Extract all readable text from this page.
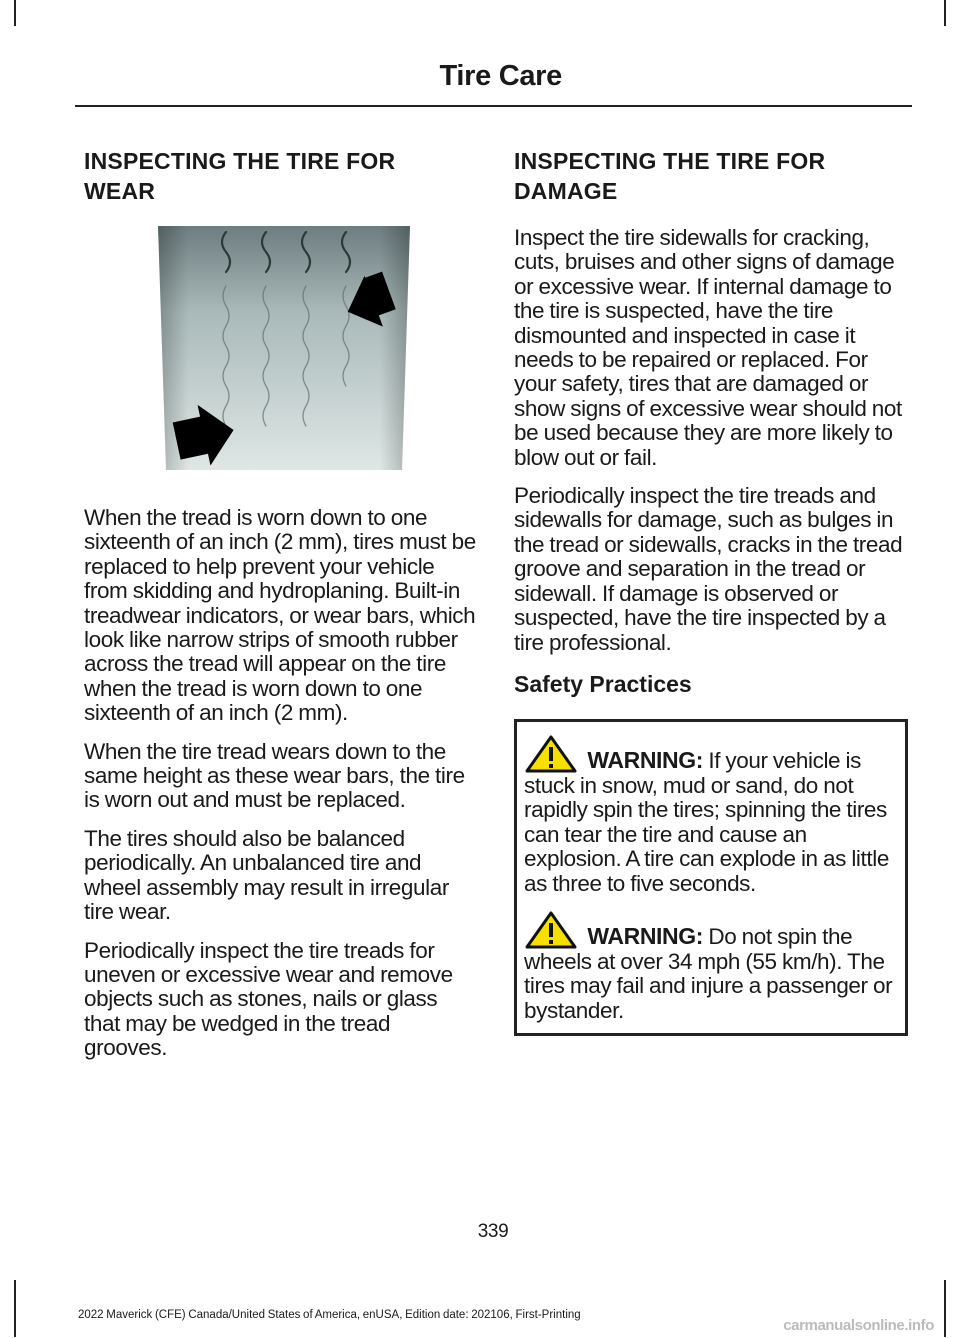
Tire Care
INSPECTING THE TIRE FOR
WEAR

When the tread is worn down to one sixteenth of an inch (2 mm), tires must be replaced to help prevent your vehicle from skidding and hydroplaning. Built-in treadwear indicators, or wear bars, which look like narrow strips of smooth rubber across the tread will appear on the tire when the tread is worn down to one sixteenth of an inch (2 mm).

When the tire tread wears down to the same height as these wear bars, the tire is worn out and must be replaced.

The tires should also be balanced periodically. An unbalanced tire and wheel assembly may result in irregular tire wear.

Periodically inspect the tire treads for uneven or excessive wear and remove objects such as stones, nails or glass that may be wedged in the tread grooves.

INSPECTING THE TIRE FOR
DAMAGE

Inspect the tire sidewalls for cracking, cuts, bruises and other signs of damage or excessive wear. If internal damage to the tire is suspected, have the tire dismounted and inspected in case it needs to be repaired or replaced. For your safety, tires that are damaged or show signs of excessive wear should not be used because they are more likely to blow out or fail.

Periodically inspect the tire treads and sidewalls for damage, such as bulges in the tread or sidewalls, cracks in the tread groove and separation in the tread or sidewall. If damage is observed or suspected, have the tire inspected by a tire professional.

Safety Practices
WARNING: If your vehicle is stuck in snow, mud or sand, do not rapidly spin the tires; spinning the tires can tear the tire and cause an explosion. A tire can explode in as little as three to five seconds.
WARNING: Do not spin the wheels at over 34 mph (55 km/h). The tires may fail and injure a passenger or bystander.

339

2022 Maverick (CFE) Canada/United States of America, enUSA, Edition date: 202106, First-Printing

carmanualsonline.info
